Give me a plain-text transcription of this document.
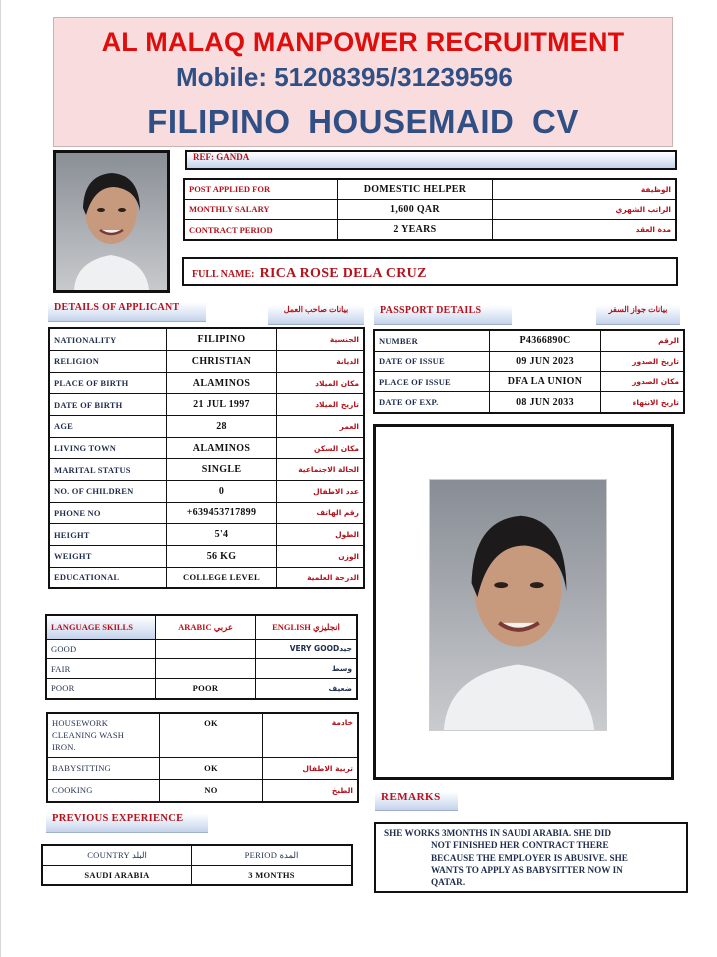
AL MALAQ MANPOWER RECRUITMENT
Mobile: 51208395/31239596
FILIPINO HOUSEMAID CV
REF: GANDA
POST APPLIED FOR	DOMESTIC HELPER	الوظيفة
MONTHLY SALARY	1,600 QAR	الراتب الشهري
CONTRACT PERIOD	2 YEARS	مدة العقد
FULL NAME: RICA ROSE DELA CRUZ
DETAILS OF APPLICANT	بيانات صاحب العمل
NATIONALITY	FILIPINO	الجنسية
RELIGION	CHRISTIAN	الديانة
PLACE OF BIRTH	ALAMINOS	مكان الميلاد
DATE OF BIRTH	21 JUL 1997	تاريخ الميلاد
AGE	28	العمر
LIVING TOWN	ALAMINOS	مكان السكن
MARITAL STATUS	SINGLE	الحالة الاجتماعية
NO. OF CHILDREN	0	عدد الاطفال
PHONE NO	+639453717899	رقم الهاتف
HEIGHT	5'4	الطول
WEIGHT	56 KG	الوزن
EDUCATIONAL	COLLEGE LEVEL	الدرجة العلمية
PASSPORT DETAILS	بيانات جواز السفر
NUMBER	P4366890C	الرقم
DATE OF ISSUE	09 JUN 2023	تاريخ الصدور
PLACE OF ISSUE	DFA LA UNION	مكان الصدور
DATE OF EXP.	08 JUN 2033	تاريخ الانتهاء
LANGUAGE SKILLS	ARABIC عربي	ENGLISH انجليزي
GOOD		جيدVERY GOOD
FAIR		وسط
POOR	POOR	ضعيف
HOUSEWORK
CLEANING WASH
IRON.	OK	خادمة
BABYSITTING	OK	تربية الاطفال
COOKING	NO	الطبخ
PREVIOUS EXPERIENCE
COUNTRY البلد	PERIOD المدة
SAUDI ARABIA	3 MONTHS
REMARKS
SHE WORKS 3MONTHS IN SAUDI ARABIA. SHE DID
NOT FINISHED HER CONTRACT THERE
BECAUSE THE EMPLOYER IS ABUSIVE. SHE
WANTS TO APPLY AS BABYSITTER NOW IN
QATAR.
